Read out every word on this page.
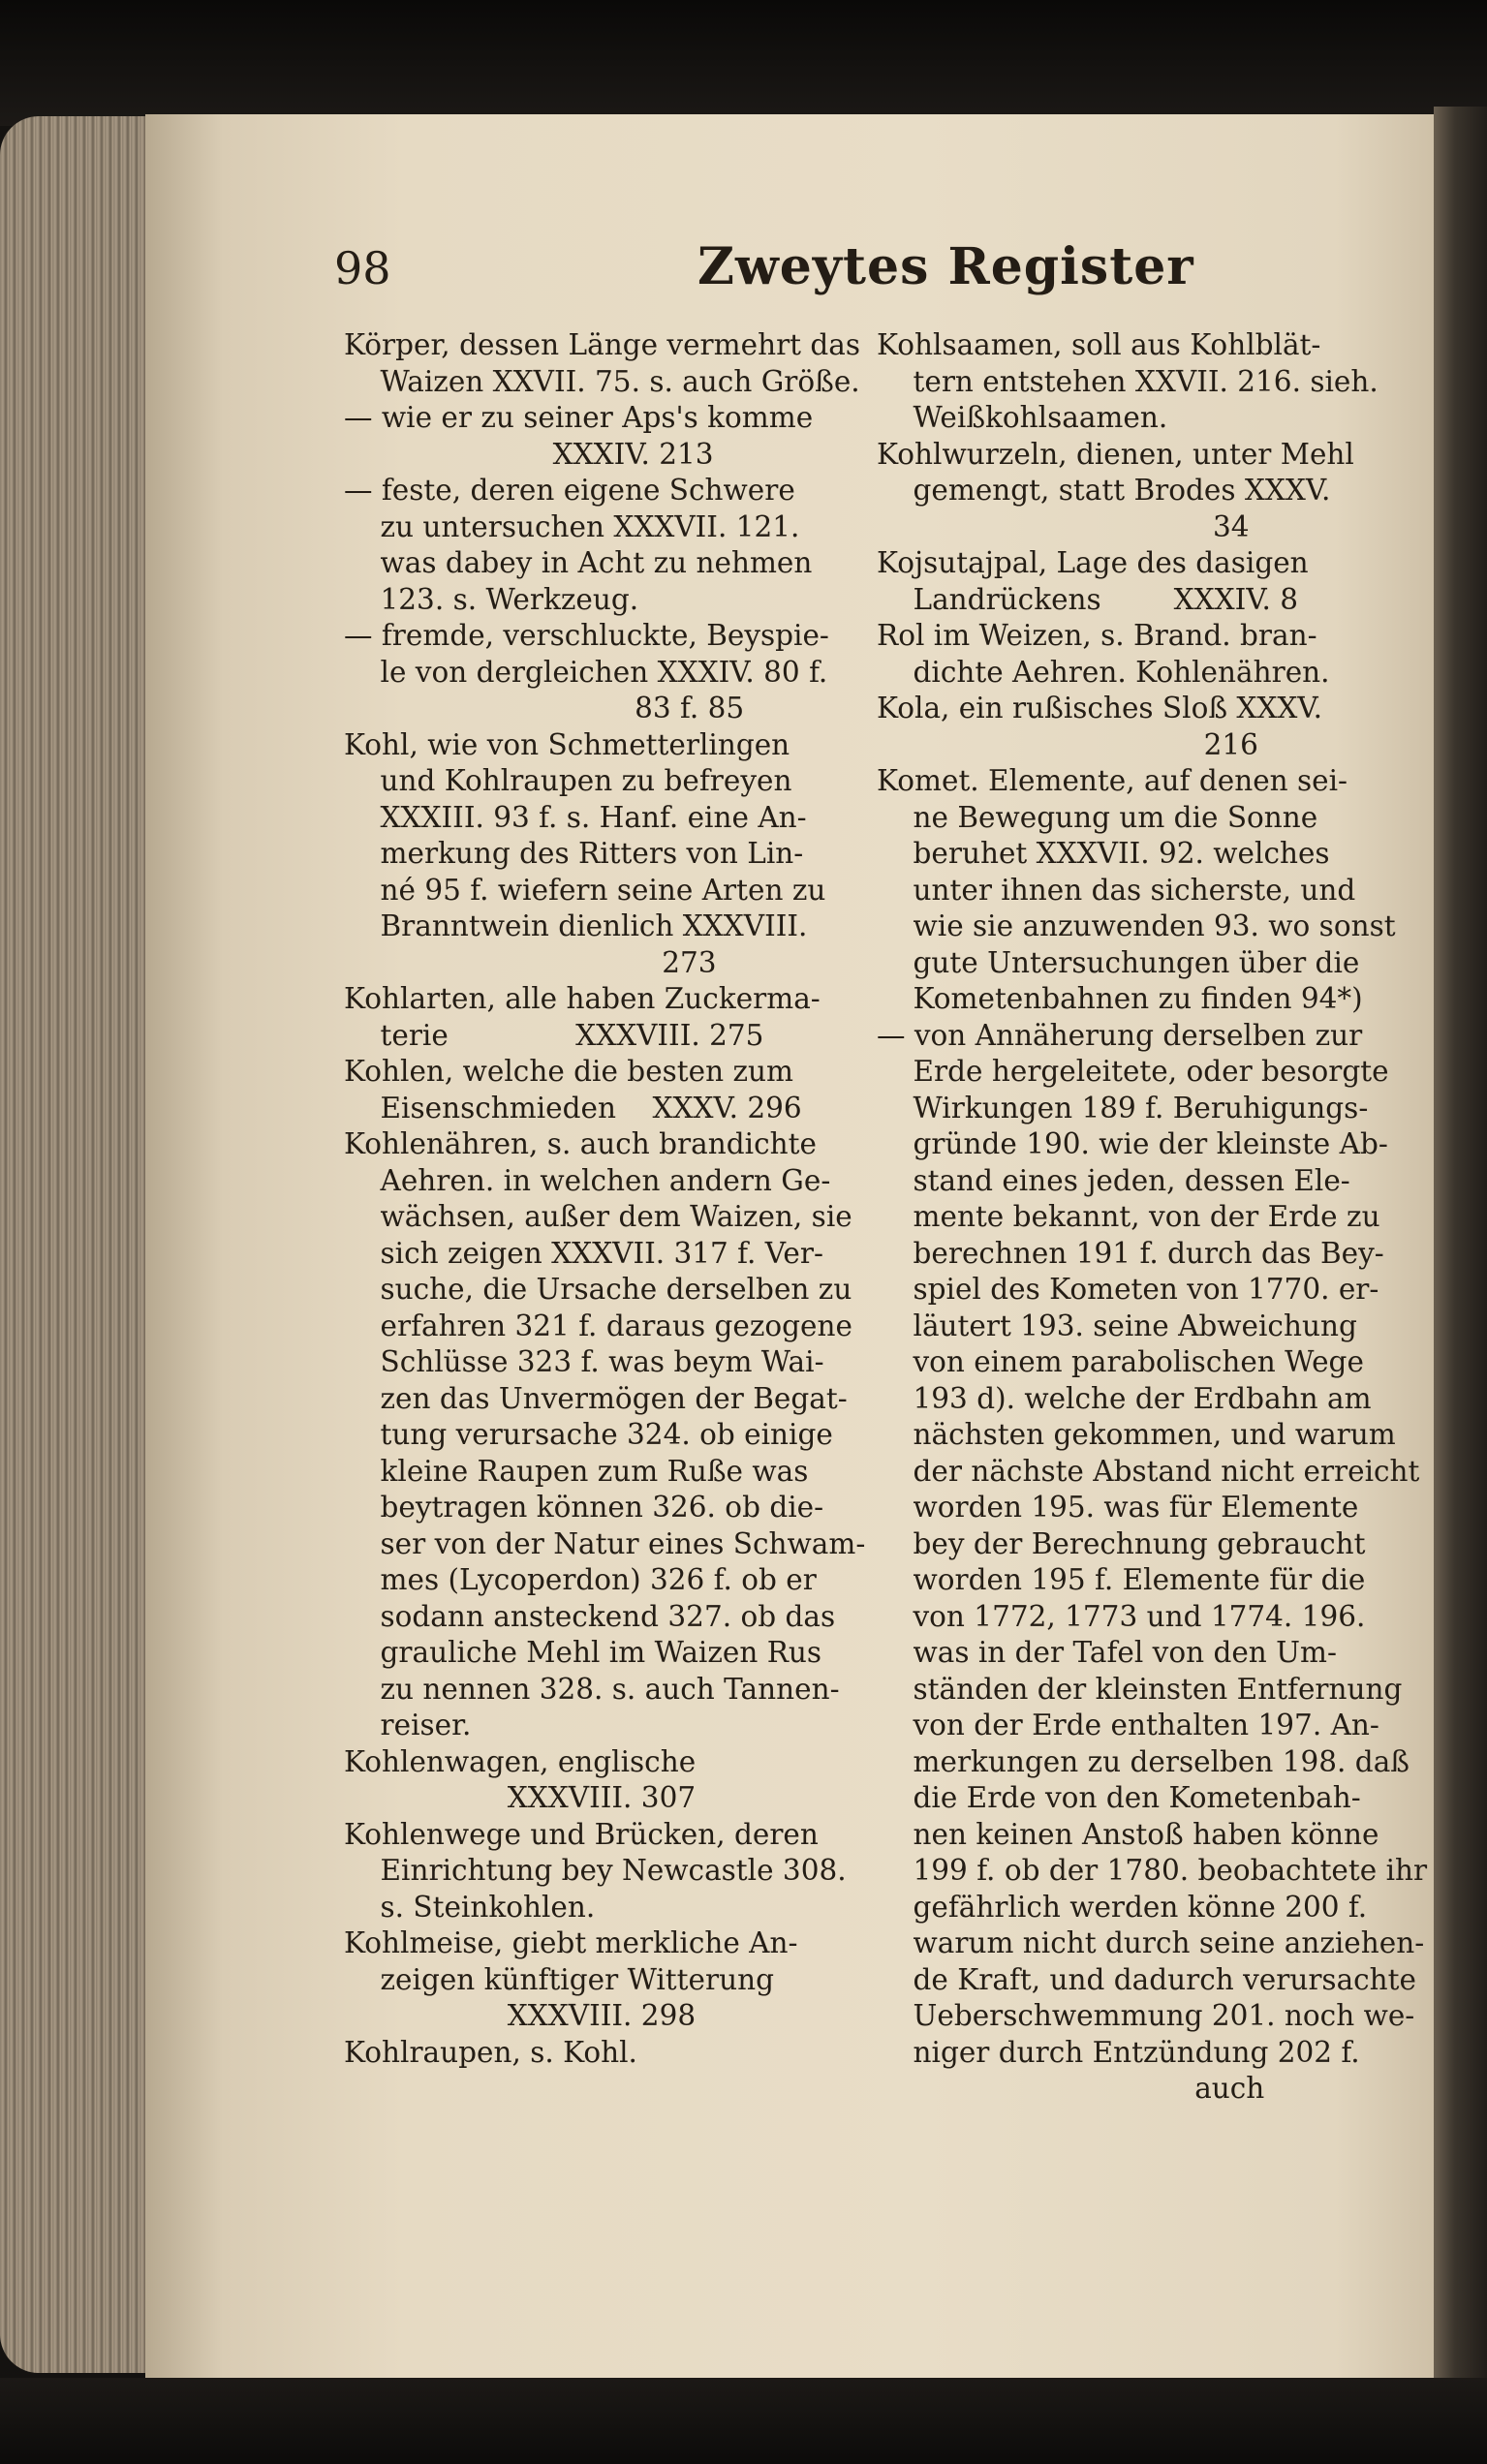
98	Zweytes Register
Körper, dessen Länge vermehrt das
Waizen XXVII. 75. s. auch Größe.
— wie er zu seiner Aps's komme
XXXIV. 213
— feste, deren eigene Schwere
zu untersuchen XXXVII. 121.
was dabey in Acht zu nehmen
123. s. Werkzeug.
— fremde, verschluckte, Beyspie-
le von dergleichen XXXIV. 80 f.
83 f. 85
Kohl, wie von Schmetterlingen
und Kohlraupen zu befreyen
XXXIII. 93 f. s. Hanf. eine An-
merkung des Ritters von Lin-
né 95 f. wiefern seine Arten zu
Branntwein dienlich XXXVIII.
273
Kohlarten, alle haben Zuckerma-
terie              XXXVIII. 275
Kohlen, welche die besten zum
Eisenschmieden    XXXV. 296
Kohlenähren, s. auch brandichte
Aehren. in welchen andern Ge-
wächsen, außer dem Waizen, sie
sich zeigen XXXVII. 317 f. Ver-
suche, die Ursache derselben zu
erfahren 321 f. daraus gezogene
Schlüsse 323 f. was beym Wai-
zen das Unvermögen der Begat-
tung verursache 324. ob einige
kleine Raupen zum Ruße was
beytragen können 326. ob die-
ser von der Natur eines Schwam-
mes (Lycoperdon) 326 f. ob er
sodann ansteckend 327. ob das
grauliche Mehl im Waizen Rus
zu nennen 328. s. auch Tannen-
reiser.
Kohlenwagen, englische
XXXVIII. 307
Kohlenwege und Brücken, deren
Einrichtung bey Newcastle 308.
s. Steinkohlen.
Kohlmeise, giebt merkliche An-
zeigen künftiger Witterung
XXXVIII. 298
Kohlraupen, s. Kohl.
Kohlsaamen, soll aus Kohlblät-
tern entstehen XXVII. 216. sieh.
Weißkohlsaamen.
Kohlwurzeln, dienen, unter Mehl
gemengt, statt Brodes XXXV.
34
Kojsutajpal, Lage des dasigen
Landrückens        XXXIV. 8
Rol im Weizen, s. Brand. bran-
dichte Aehren. Kohlenähren.
Kola, ein rußisches Sloß XXXV.
216
Komet. Elemente, auf denen sei-
ne Bewegung um die Sonne
beruhet XXXVII. 92. welches
unter ihnen das sicherste, und
wie sie anzuwenden 93. wo sonst
gute Untersuchungen über die
Kometenbahnen zu finden 94*)
— von Annäherung derselben zur
Erde hergeleitete, oder besorgte
Wirkungen 189 f. Beruhigungs-
gründe 190. wie der kleinste Ab-
stand eines jeden, dessen Ele-
mente bekannt, von der Erde zu
berechnen 191 f. durch das Bey-
spiel des Kometen von 1770. er-
läutert 193. seine Abweichung
von einem parabolischen Wege
193 d). welche der Erdbahn am
nächsten gekommen, und warum
der nächste Abstand nicht erreicht
worden 195. was für Elemente
bey der Berechnung gebraucht
worden 195 f. Elemente für die
von 1772, 1773 und 1774. 196.
was in der Tafel von den Um-
ständen der kleinsten Entfernung
von der Erde enthalten 197. An-
merkungen zu derselben 198. daß
die Erde von den Kometenbah-
nen keinen Anstoß haben könne
199 f. ob der 1780. beobachtete ihr
gefährlich werden könne 200 f.
warum nicht durch seine anziehen-
de Kraft, und dadurch verursachte
Ueberschwemmung 201. noch we-
niger durch Entzündung 202 f.
auch
